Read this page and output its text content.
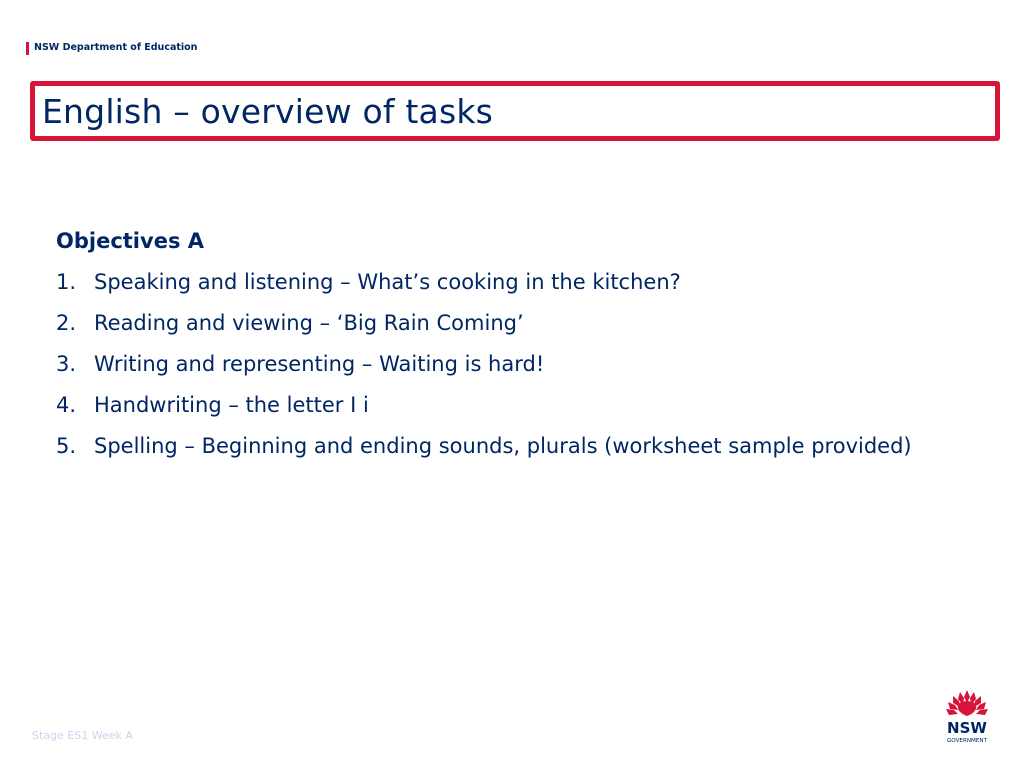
NSW Department of Education
English – overview of tasks
Objectives A
1. Speaking and listening – What’s cooking in the kitchen?
2. Reading and viewing – ‘Big Rain Coming’
3. Writing and representing – Waiting is hard!
4. Handwriting – the letter I i
5. Spelling – Beginning and ending sounds, plurals (worksheet sample provided)
Stage ES1 Week A	NSW
GOVERNMENT
